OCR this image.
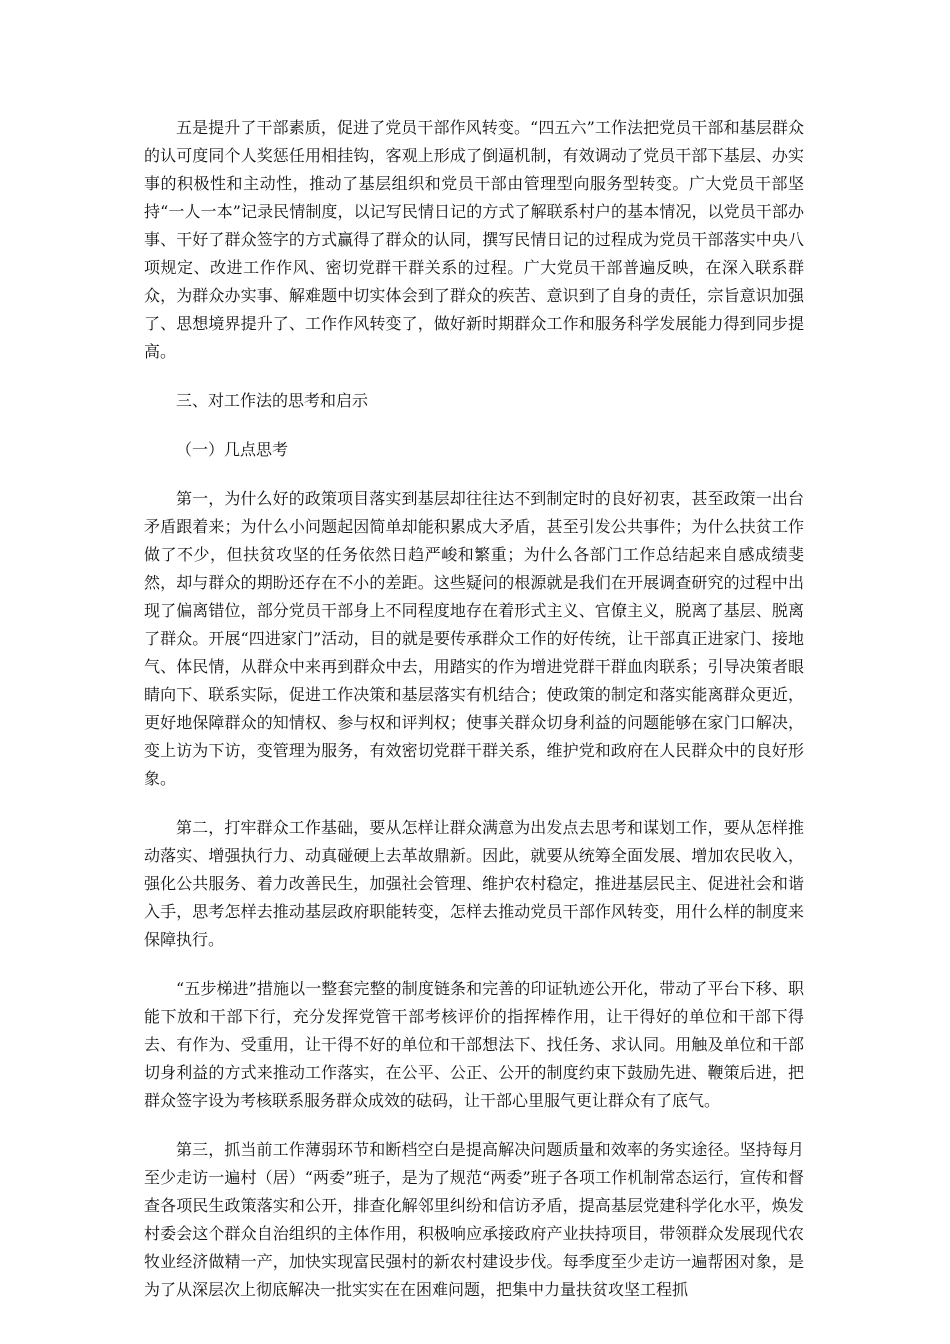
五是提升了干部素质，促进了党员干部作风转变。“四五六”工作法把党员干部和基层群众的认可度同个人奖惩任用相挂钩，客观上形成了倒逼机制，有效调动了党员干部下基层、办实事的积极性和主动性，推动了基层组织和党员干部由管理型向服务型转变。广大党员干部坚持“一人一本”记录民情制度，以记写民情日记的方式了解联系村户的基本情况，以党员干部办事、干好了群众签字的方式赢得了群众的认同，撰写民情日记的过程成为党员干部落实中央八项规定、改进工作作风、密切党群干群关系的过程。广大党员干部普遍反映，在深入联系群众，为群众办实事、解难题中切实体会到了群众的疾苦、意识到了自身的责任，宗旨意识加强了、思想境界提升了、工作作风转变了，做好新时期群众工作和服务科学发展能力得到同步提高。

三、对工作法的思考和启示

（一）几点思考

第一，为什么好的政策项目落实到基层却往往达不到制定时的良好初衷，甚至政策一出台矛盾跟着来；为什么小问题起因简单却能积累成大矛盾，甚至引发公共事件；为什么扶贫工作做了不少，但扶贫攻坚的任务依然日趋严峻和繁重；为什么各部门工作总结起来自感成绩斐然，却与群众的期盼还存在不小的差距。这些疑问的根源就是我们在开展调查研究的过程中出现了偏离错位，部分党员干部身上不同程度地存在着形式主义、官僚主义，脱离了基层、脱离了群众。开展“四进家门”活动，目的就是要传承群众工作的好传统，让干部真正进家门、接地气、体民情，从群众中来再到群众中去，用踏实的作为增进党群干群血肉联系；引导决策者眼睛向下、联系实际，促进工作决策和基层落实有机结合；使政策的制定和落实能离群众更近，更好地保障群众的知情权、参与权和评判权；使事关群众切身利益的问题能够在家门口解决，变上访为下访，变管理为服务，有效密切党群干群关系，维护党和政府在人民群众中的良好形象。

第二，打牢群众工作基础，要从怎样让群众满意为出发点去思考和谋划工作，要从怎样推动落实、增强执行力、动真碰硬上去革故鼎新。因此，就要从统筹全面发展、增加农民收入，强化公共服务、着力改善民生，加强社会管理、维护农村稳定，推进基层民主、促进社会和谐入手，思考怎样去推动基层政府职能转变，怎样去推动党员干部作风转变，用什么样的制度来保障执行。

“五步梯进”措施以一整套完整的制度链条和完善的印证轨迹公开化，带动了平台下移、职能下放和干部下行，充分发挥党管干部考核评价的指挥棒作用，让干得好的单位和干部下得去、有作为、受重用，让干得不好的单位和干部想法下、找任务、求认同。用触及单位和干部切身利益的方式来推动工作落实，在公平、公正、公开的制度约束下鼓励先进、鞭策后进，把群众签字设为考核联系服务群众成效的砝码，让干部心里服气更让群众有了底气。

第三，抓当前工作薄弱环节和断档空白是提高解决问题质量和效率的务实途径。坚持每月至少走访一遍村（居）“两委”班子，是为了规范“两委”班子各项工作机制常态运行，宣传和督查各项民生政策落实和公开，排查化解邻里纠纷和信访矛盾，提高基层党建科学化水平，焕发村委会这个群众自治组织的主体作用，积极响应承接政府产业扶持项目，带领群众发展现代农牧业经济做精一产，加快实现富民强村的新农村建设步伐。每季度至少走访一遍帮困对象，是为了从深层次上彻底解决一批实实在在困难问题，把集中力量扶贫攻坚工程抓
